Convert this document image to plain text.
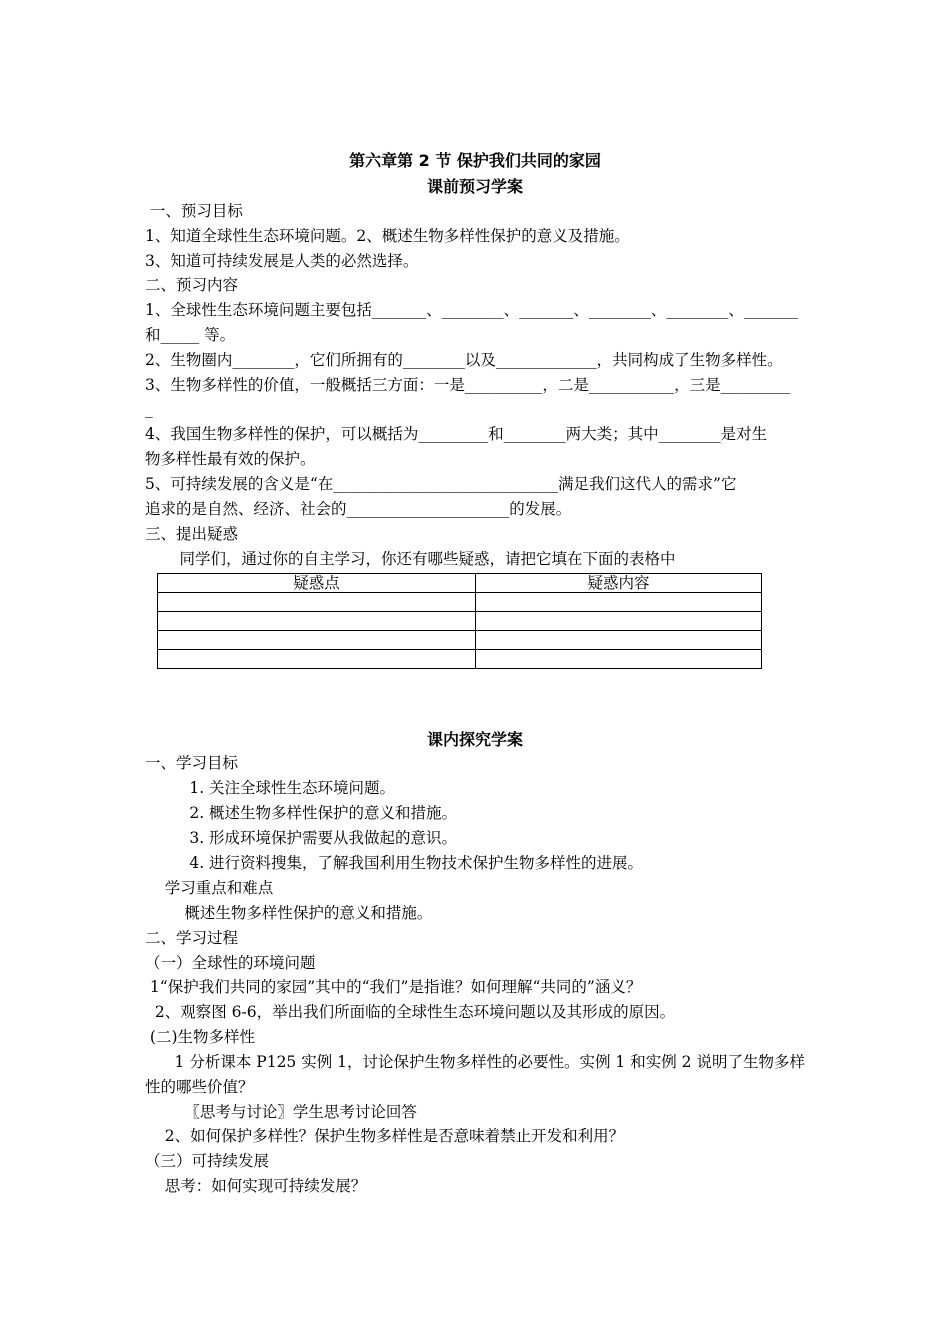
第六章第 2 节 保护我们共同的家园
课前预习学案
一、预习目标
1、知道全球性生态环境问题。2、概述生物多样性保护的意义及措施。
3、知道可持续发展是人类的必然选择。
二、预习内容
1、全球性生态环境问题主要包括_______、________、_______、________、________、_______
和_____ 等。
2、生物圈内________，它们所拥有的________以及_____________，共同构成了生物多样性。
3、生物多样性的价值，一般概括三方面：一是__________，二是___________，三是_________
_
4、我国生物多样性的保护，可以概括为_________和________两大类；其中________是对生
物多样性最有效的保护。
5、可持续发展的含义是“在_____________________________满足我们这代人的需求”它
追求的是自然、经济、社会的_____________________的发展。
三、提出疑惑
同学们，通过你的自主学习，你还有哪些疑惑，请把它填在下面的表格中
疑惑点	疑惑内容

课内探究学案
一、学习目标
1. 关注全球性生态环境问题。
2. 概述生物多样性保护的意义和措施。
3. 形成环境保护需要从我做起的意识。
4. 进行资料搜集，了解我国利用生物技术保护生物多样性的进展。
学习重点和难点
概述生物多样性保护的意义和措施。
二、学习过程
（一）全球性的环境问题
1“保护我们共同的家园”其中的“我们”是指谁？如何理解“共同的”涵义？
2、观察图 6-6，举出我们所面临的全球性生态环境问题以及其形成的原因。
(二)生物多样性
1 分析课本 P125 实例 1，讨论保护生物多样性的必要性。实例 1 和实例 2 说明了生物多样
性的哪些价值？
〖思考与讨论〗学生思考讨论回答
2、如何保护多样性？保护生物多样性是否意味着禁止开发和利用？
（三）可持续发展
思考：如何实现可持续发展？
